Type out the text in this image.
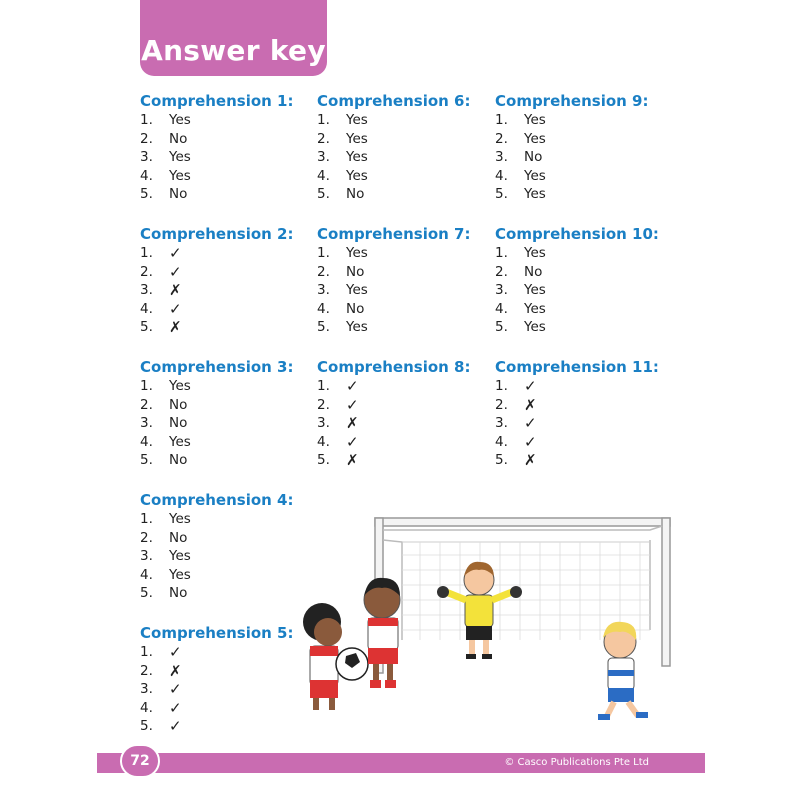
Answer key
Comprehension 1:
1.	Yes
2.	No
3.	Yes
4.	Yes
5.	No
Comprehension 2:
1.	✓
2.	✓
3.	✗
4.	✓
5.	✗
Comprehension 3:
1.	Yes
2.	No
3.	No
4.	Yes
5.	No
Comprehension 4:
1.	Yes
2.	No
3.	Yes
4.	Yes
5.	No
Comprehension 5:
1.	✓
2.	✗
3.	✓
4.	✓
5.	✓
Comprehension 6:
1.	Yes
2.	Yes
3.	Yes
4.	Yes
5.	No
Comprehension 7:
1.	Yes
2.	No
3.	Yes
4.	No
5.	Yes
Comprehension 8:
1.	✓
2.	✓
3.	✗
4.	✓
5.	✗
Comprehension 9:
1.	Yes
2.	Yes
3.	No
4.	Yes
5.	Yes
Comprehension 10:
1.	Yes
2.	No
3.	Yes
4.	Yes
5.	Yes
Comprehension 11:
1.	✓
2.	✗
3.	✓
4.	✓
5.	✗
© Casco Publications Pte Ltd
72
